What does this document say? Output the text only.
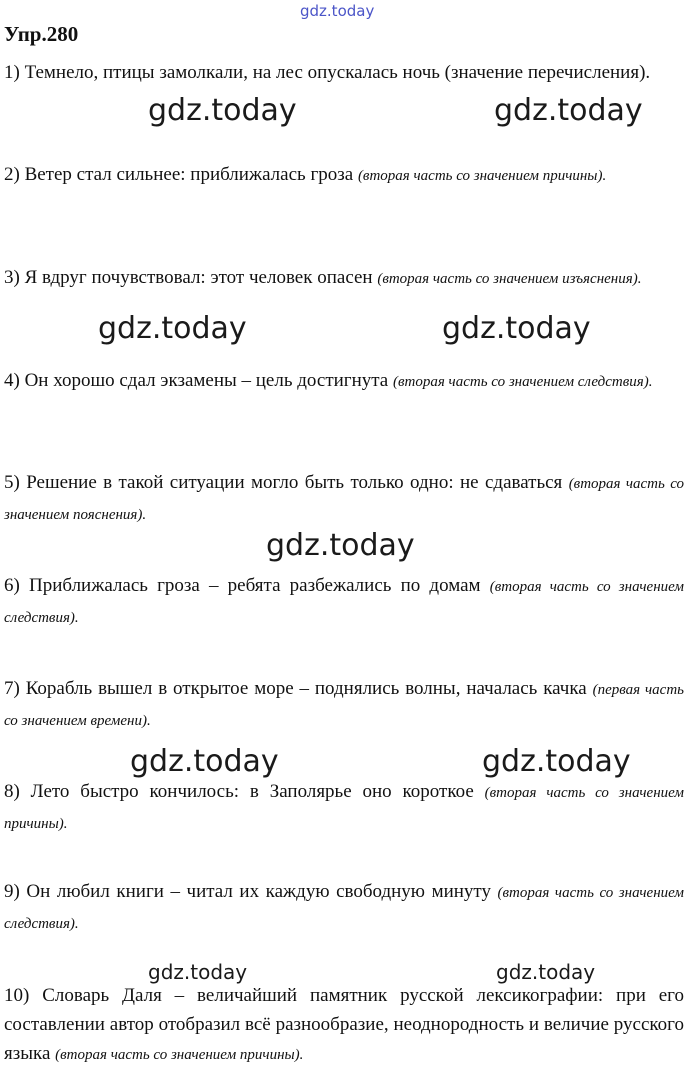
gdz.today
Упр.280
1) Темнело, птицы замолкали, на лес опускалась ночь (значение перечисления).
2) Ветер стал сильнее: приближалась гроза (вторая часть со значением причины).
3) Я вдруг почувствовал: этот человек опасен (вторая часть со значением изъяснения).
4) Он хорошо сдал экзамены – цель достигнута (вторая часть со значением следствия).
5) Решение в такой ситуации могло быть только одно: не сдаваться (вторая часть со значением пояснения).
6) Приближалась гроза – ребята разбежались по домам (вторая часть со значением следствия).
7) Корабль вышел в открытое море – поднялись волны, началась качка (первая часть со значением времени).
8) Лето быстро кончилось: в Заполярье оно короткое (вторая часть со значением причины).
9) Он любил книги – читал их каждую свободную минуту (вторая часть со значением следствия).
10) Словарь Даля – величайший памятник русской лексикографии: при его составлении автор отобразил всё разнообразие, неоднородность и величие русского языка (вторая часть со значением причины).
gdz.today	gdz.today
gdz.today	gdz.today
gdz.today
gdz.today	gdz.today
gdz.today	gdz.today
